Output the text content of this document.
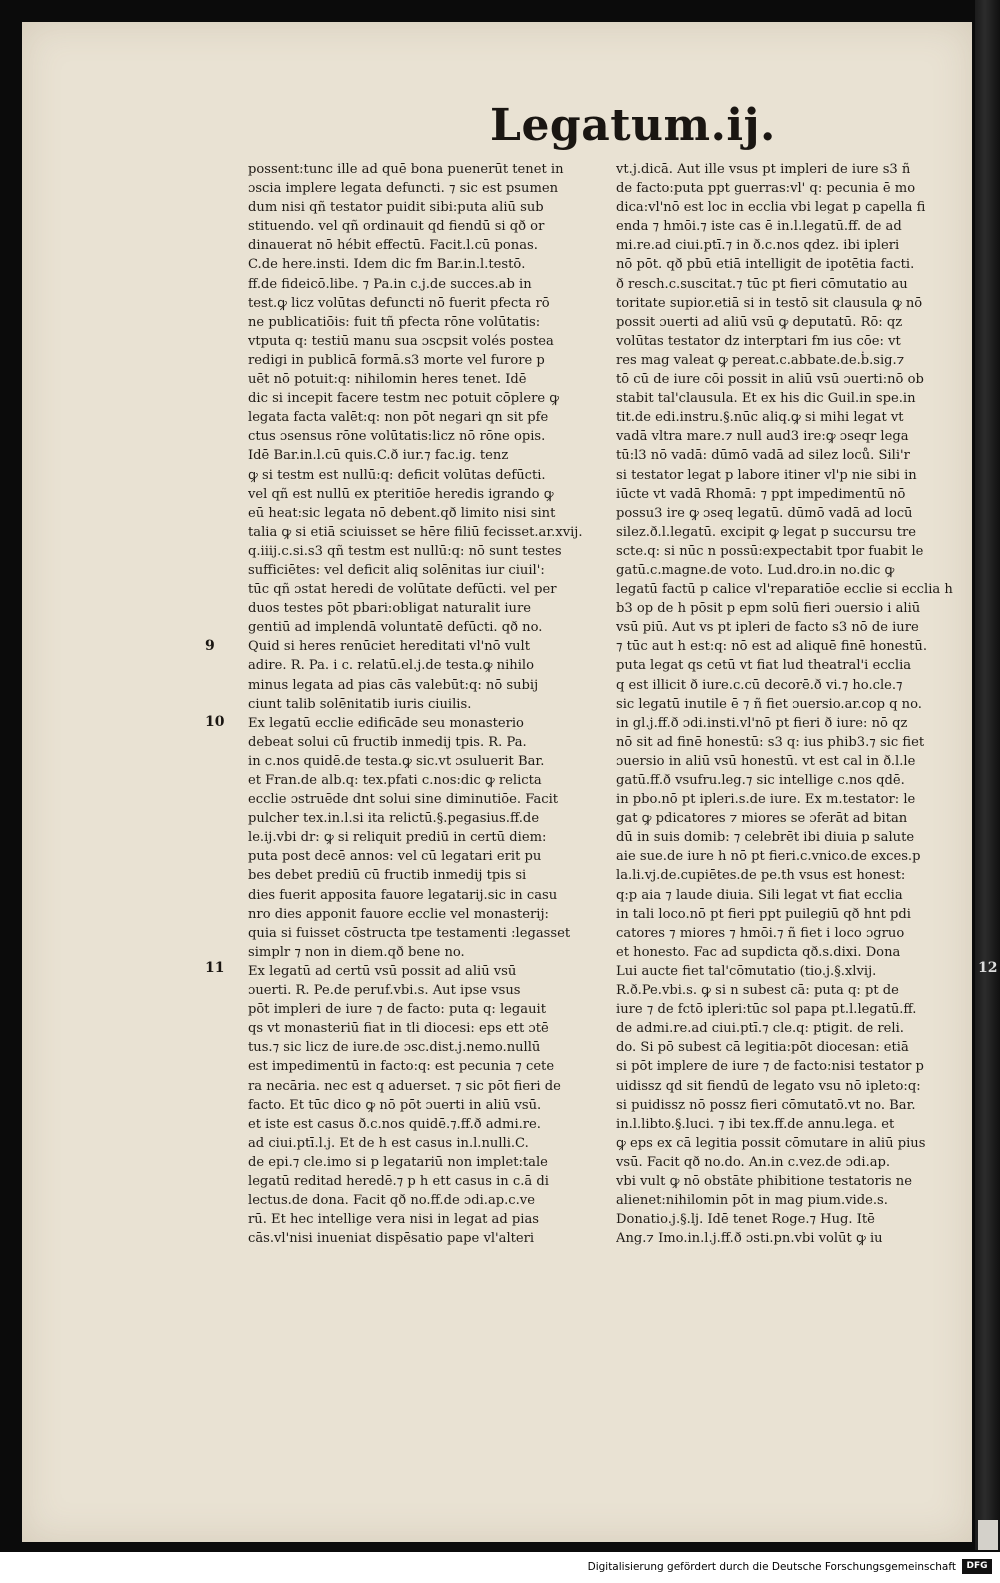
Legatum.ij.
9
10
11	12
possent:tunc ille ad quē bona puenerūt tenet in
ɔscia implere legata defuncti. ⁊ sic est psumen
dum nisi qñ testator puidit sibi:puta aliū sub
stituendo. vel qñ ordinauit qd fiendū si qð or
dinauerat nō hébit effectū. Facit.l.cū ponas.
C.de here.insti. Idem dic fm Bar.in.l.testō.
ff.de fideicō.libe. ⁊ Pa.in c.j.de succes.ab in
test.ꝙ licz volūtas defuncti nō fuerit pfecta rō
ne publicatiōis: fuit tñ pfecta rōne volūtatis:
vtputa q: testiū manu sua ɔscpsit volés postea
redigi in publicā formā.s3 morte vel furore p
uēt nō potuit:q: nihilomin heres tenet. Idē
dic si incepit facere testm nec potuit cōplere ꝙ
legata facta valēt:q: non pōt negari qn sit pfe
ctus ɔsensus rōne volūtatis:licz nō rōne opis.
Idē Bar.in.l.cū quis.C.ð iur.⁊ fac.ig. tenz
ꝙ si testm est nullū:q: deficit volūtas defūcti.
vel qñ est nullū ex pteritiōe heredis igrando ꝙ
eū heat:sic legata nō debent.qð limito nisi sint
talia ꝙ si etiā sciuisset se hēre filiū fecisset.ar.xvij.
q.iiij.c.si.s3 qñ testm est nullū:q: nō sunt testes
sufficiētes: vel deficit aliq solēnitas iur ciuil':
tūc qñ ɔstat heredi de volūtate defūcti. vel per
duos testes pōt pbari:obligat naturalit iure
gentiū ad implendā voluntatē defūcti. qð no.
Quid si heres renūciet hereditati vl'nō vult
adire. R. Pa. i c. relatū.el.j.de testa.ꝙ nihilo
minus legata ad pias cās valebūt:q: nō subij
ciunt talib solēnitatib iuris ciuilis.
Ex legatū ecclie edificāde seu monasterio
debeat solui cū fructib inmedij tpis. R. Pa.
in c.nos quidē.de testa.ꝙ sic.vt ɔsuluerit Bar.
et Fran.de alb.q: tex.pfati c.nos:dic ꝙ relicta
ecclie ɔstruēde dnt solui sine diminutiōe. Facit
pulcher tex.in.l.si ita relictū.§.pegasius.ff.de
le.ij.vbi dr: ꝙ si reliquit prediū in certū diem:
puta post decē annos: vel cū legatari erit pu
bes debet prediū cū fructib inmedij tpis si
dies fuerit apposita fauore legatarij.sic in casu
nro dies apponit fauore ecclie vel monasterij:
quia si fuisset cōstructa tpe testamenti :legasset
simplr ⁊ non in diem.qð bene no.
Ex legatū ad certū vsū possit ad aliū vsū
ɔuerti. R. Pe.de peruf.vbi.s. Aut ipse vsus
pōt impleri de iure ⁊ de facto: puta q: legauit
qs vt monasteriū fiat in tli diocesi: eps ett ɔtē
tus.⁊ sic licz de iure.de ɔsc.dist.j.nemo.nullū
est impedimentū in facto:q: est pecunia ⁊ cete
ra necāria. nec est q aduerset. ⁊ sic pōt fieri de
facto. Et tūc dico ꝙ nō pōt ɔuerti in aliū vsū.
et iste est casus ð.c.nos quidē.⁊.ff.ð admi.re.
ad ciui.ptī.l.j. Et de h est casus in.l.nulli.C.
de epi.⁊ cle.imo si p legatariū non implet:tale
legatū reditad heredē.⁊ p h ett casus in c.ā di
lectus.de dona. Facit qð no.ff.de ɔdi.ap.c.ve
rū. Et hec intellige vera nisi in legat ad pias
cās.vl'nisi inueniat dispēsatio pape vl'alteri
vt.j.dicā. Aut ille vsus pt impleri de iure s3 ñ
de facto:puta ppt guerras:vl' q: pecunia ē mo
dica:vl'nō est loc in ecclia vbi legat p capella fi
enda ⁊ hmōi.⁊ iste cas ē in.l.legatū.ff. de ad
mi.re.ad ciui.ptī.⁊ in ð.c.nos qdez. ibi ipleri
nō pōt. qð pbū etiā intelligit de ipotētia facti.
ð resch.c.suscitat.⁊ tūc pt fieri cōmutatio au
toritate supior.etiā si in testō sit clausula ꝙ nō
possit ɔuerti ad aliū vsū ꝙ deputatū. Rō: qz
volūtas testator dz interptari fm ius cōe: vt
res mag valeat ꝙ pereat.c.abbate.de.ḃ.sig.⁊
tō cū de iure cōi possit in aliū vsū ɔuerti:nō ob
stabit tal'clausula. Et ex his dic Guil.in spe.in
tit.de edi.instru.§.nūc aliq.ꝙ si mihi legat vt
vadā vltra mare.⁊ null aud3 ire:ꝙ ɔseqr lega
tū:l3 nō vadā: dūmō vadā ad silez loců. Sili'r
si testator legat p labore itiner vl'p nie sibi in
iūcte vt vadā Rhomā: ⁊ ppt impedimentū nō
possu3 ire ꝙ ɔseq legatū. dūmō vadā ad locū
silez.ð.l.legatū. excipit ꝙ legat p succursu tre
scte.q: si nūc n possū:expectabit tpor fuabit le
gatū.c.magne.de voto. Lud.dro.in no.dic ꝙ
legatū factū p calice vl'reparatiōe ecclie si ecclia h
b3 op de h pōsit p epm solū fieri ɔuersio i aliū
vsū piū. Aut vs pt ipleri de facto s3 nō de iure
⁊ tūc aut h est:q: nō est ad aliquē finē honestū.
puta legat qs cetū vt fiat lud theatral'i ecclia
q est illicit ð iure.c.cū decorē.ð vi.⁊ ho.cle.⁊
sic legatū inutile ē ⁊ ñ fiet ɔuersio.ar.cop q no.
in gl.j.ff.ð ɔdi.insti.vl'nō pt fieri ð iure: nō qz
nō sit ad finē honestū: s3 q: ius phib3.⁊ sic fiet
ɔuersio in aliū vsū honestū. vt est cal in ð.l.le
gatū.ff.ð vsufru.leg.⁊ sic intellige c.nos qdē.
in pbo.nō pt ipleri.s.de iure. Ex m.testator: le
gat ꝙ pdicatores ⁊ miores se ɔferāt ad bitan
dū in suis domib: ⁊ celebrēt ibi diuia p salute
aie sue.de iure h nō pt fieri.c.vnico.de exces.p
la.li.vj.de.cupiētes.de pe.th vsus est honest:
q:p aia ⁊ laude diuia. Sili legat vt fiat ecclia
in tali loco.nō pt fieri ppt puilegiū qð hnt pdi
catores ⁊ miores ⁊ hmōi.⁊ ñ fiet i loco ɔgruo
et honesto. Fac ad supdicta qð.s.dixi. Dona
Lui aucte fiet tal'cōmutatio (tio.j.§.xlvij.
R.ð.Pe.vbi.s. ꝙ si n subest cā: puta q: pt de
iure ⁊ de fctō ipleri:tūc sol papa pt.l.legatū.ff.
de admi.re.ad ciui.ptī.⁊ cle.q: ptigit. de reli.
do. Si pō subest cā legitia:pōt diocesan: etiā
si pōt implere de iure ⁊ de facto:nisi testator p
uidissz qd sit fiendū de legato vsu nō ipleto:q:
si puidissz nō possz fieri cōmutatō.vt no. Bar.
in.l.libto.§.luci. ⁊ ibi tex.ff.de annu.lega. et
ꝙ eps ex cā legitia possit cōmutare in aliū pius
vsū. Facit qð no.do. An.in c.vez.de ɔdi.ap.
vbi vult ꝙ nō obstāte phibitione testatoris ne
alienet:nihilomin pōt in mag pium.vide.s.
Donatio.j.§.lj. Idē tenet Roge.⁊ Hug. Itē
Ang.⁊ Imo.in.l.j.ff.ð ɔsti.pn.vbi volūt ꝙ iu
Digitalisierung gefördert durch die Deutsche Forschungsgemeinschaft	DFG
